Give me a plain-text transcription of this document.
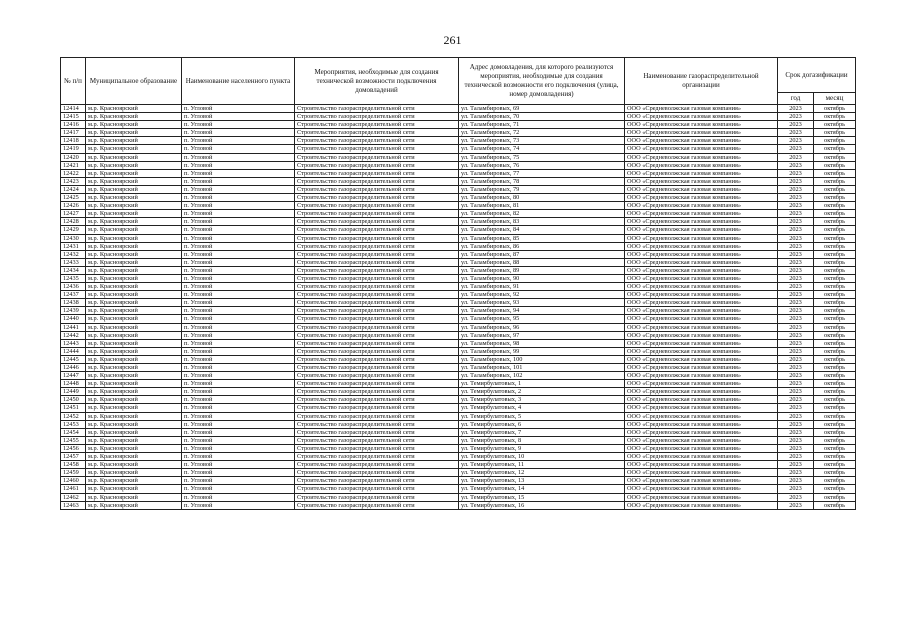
261
№ п/п	Муниципальное образование	Наименование населенного пункта	Мероприятия, необходимые для создания технической возможности подключения домовладений	Адрес домовладения, для которого реализуются мероприятия, необходимые для создания технической возможности его подключения (улица, номер домовладения)	Наименование газораспределительной организации	Срок догазификации	
						год	месяц
12414	м.р. Красноярский	п. Угловой	Строительство газораспределительной сети	ул. Таламбировых, 69	ООО «Средневолжская газовая компания»	2023	октябрь
12415	м.р. Красноярский	п. Угловой	Строительство газораспределительной сети	ул. Таламбировых, 70	ООО «Средневолжская газовая компания»	2023	октябрь
12416	м.р. Красноярский	п. Угловой	Строительство газораспределительной сети	ул. Таламбировых, 71	ООО «Средневолжская газовая компания»	2023	октябрь
12417	м.р. Красноярский	п. Угловой	Строительство газораспределительной сети	ул. Таламбировых, 72	ООО «Средневолжская газовая компания»	2023	октябрь
12418	м.р. Красноярский	п. Угловой	Строительство газораспределительной сети	ул. Таламбировых, 73	ООО «Средневолжская газовая компания»	2023	октябрь
12419	м.р. Красноярский	п. Угловой	Строительство газораспределительной сети	ул. Таламбировых, 74	ООО «Средневолжская газовая компания»	2023	октябрь
12420	м.р. Красноярский	п. Угловой	Строительство газораспределительной сети	ул. Таламбировых, 75	ООО «Средневолжская газовая компания»	2023	октябрь
12421	м.р. Красноярский	п. Угловой	Строительство газораспределительной сети	ул. Таламбировых, 76	ООО «Средневолжская газовая компания»	2023	октябрь
12422	м.р. Красноярский	п. Угловой	Строительство газораспределительной сети	ул. Таламбировых, 77	ООО «Средневолжская газовая компания»	2023	октябрь
12423	м.р. Красноярский	п. Угловой	Строительство газораспределительной сети	ул. Таламбировых, 78	ООО «Средневолжская газовая компания»	2023	октябрь
12424	м.р. Красноярский	п. Угловой	Строительство газораспределительной сети	ул. Таламбировых, 79	ООО «Средневолжская газовая компания»	2023	октябрь
12425	м.р. Красноярский	п. Угловой	Строительство газораспределительной сети	ул. Таламбировых, 80	ООО «Средневолжская газовая компания»	2023	октябрь
12426	м.р. Красноярский	п. Угловой	Строительство газораспределительной сети	ул. Таламбировых, 81	ООО «Средневолжская газовая компания»	2023	октябрь
12427	м.р. Красноярский	п. Угловой	Строительство газораспределительной сети	ул. Таламбировых, 82	ООО «Средневолжская газовая компания»	2023	октябрь
12428	м.р. Красноярский	п. Угловой	Строительство газораспределительной сети	ул. Таламбировых, 83	ООО «Средневолжская газовая компания»	2023	октябрь
12429	м.р. Красноярский	п. Угловой	Строительство газораспределительной сети	ул. Таламбировых, 84	ООО «Средневолжская газовая компания»	2023	октябрь
12430	м.р. Красноярский	п. Угловой	Строительство газораспределительной сети	ул. Таламбировых, 85	ООО «Средневолжская газовая компания»	2023	октябрь
12431	м.р. Красноярский	п. Угловой	Строительство газораспределительной сети	ул. Таламбировых, 86	ООО «Средневолжская газовая компания»	2023	октябрь
12432	м.р. Красноярский	п. Угловой	Строительство газораспределительной сети	ул. Таламбировых, 87	ООО «Средневолжская газовая компания»	2023	октябрь
12433	м.р. Красноярский	п. Угловой	Строительство газораспределительной сети	ул. Таламбировых, 88	ООО «Средневолжская газовая компания»	2023	октябрь
12434	м.р. Красноярский	п. Угловой	Строительство газораспределительной сети	ул. Таламбировых, 89	ООО «Средневолжская газовая компания»	2023	октябрь
12435	м.р. Красноярский	п. Угловой	Строительство газораспределительной сети	ул. Таламбировых, 90	ООО «Средневолжская газовая компания»	2023	октябрь
12436	м.р. Красноярский	п. Угловой	Строительство газораспределительной сети	ул. Таламбировых, 91	ООО «Средневолжская газовая компания»	2023	октябрь
12437	м.р. Красноярский	п. Угловой	Строительство газораспределительной сети	ул. Таламбировых, 92	ООО «Средневолжская газовая компания»	2023	октябрь
12438	м.р. Красноярский	п. Угловой	Строительство газораспределительной сети	ул. Таламбировых, 93	ООО «Средневолжская газовая компания»	2023	октябрь
12439	м.р. Красноярский	п. Угловой	Строительство газораспределительной сети	ул. Таламбировых, 94	ООО «Средневолжская газовая компания»	2023	октябрь
12440	м.р. Красноярский	п. Угловой	Строительство газораспределительной сети	ул. Таламбировых, 95	ООО «Средневолжская газовая компания»	2023	октябрь
12441	м.р. Красноярский	п. Угловой	Строительство газораспределительной сети	ул. Таламбировых, 96	ООО «Средневолжская газовая компания»	2023	октябрь
12442	м.р. Красноярский	п. Угловой	Строительство газораспределительной сети	ул. Таламбировых, 97	ООО «Средневолжская газовая компания»	2023	октябрь
12443	м.р. Красноярский	п. Угловой	Строительство газораспределительной сети	ул. Таламбировых, 98	ООО «Средневолжская газовая компания»	2023	октябрь
12444	м.р. Красноярский	п. Угловой	Строительство газораспределительной сети	ул. Таламбировых, 99	ООО «Средневолжская газовая компания»	2023	октябрь
12445	м.р. Красноярский	п. Угловой	Строительство газораспределительной сети	ул. Таламбировых, 100	ООО «Средневолжская газовая компания»	2023	октябрь
12446	м.р. Красноярский	п. Угловой	Строительство газораспределительной сети	ул. Таламбировых, 101	ООО «Средневолжская газовая компания»	2023	октябрь
12447	м.р. Красноярский	п. Угловой	Строительство газораспределительной сети	ул. Таламбировых, 102	ООО «Средневолжская газовая компания»	2023	октябрь
12448	м.р. Красноярский	п. Угловой	Строительство газораспределительной сети	ул. Темирбулатовых, 1	ООО «Средневолжская газовая компания»	2023	октябрь
12449	м.р. Красноярский	п. Угловой	Строительство газораспределительной сети	ул. Темирбулатовых, 2	ООО «Средневолжская газовая компания»	2023	октябрь
12450	м.р. Красноярский	п. Угловой	Строительство газораспределительной сети	ул. Темирбулатовых, 3	ООО «Средневолжская газовая компания»	2023	октябрь
12451	м.р. Красноярский	п. Угловой	Строительство газораспределительной сети	ул. Темирбулатовых, 4	ООО «Средневолжская газовая компания»	2023	октябрь
12452	м.р. Красноярский	п. Угловой	Строительство газораспределительной сети	ул. Темирбулатовых, 5	ООО «Средневолжская газовая компания»	2023	октябрь
12453	м.р. Красноярский	п. Угловой	Строительство газораспределительной сети	ул. Темирбулатовых, 6	ООО «Средневолжская газовая компания»	2023	октябрь
12454	м.р. Красноярский	п. Угловой	Строительство газораспределительной сети	ул. Темирбулатовых, 7	ООО «Средневолжская газовая компания»	2023	октябрь
12455	м.р. Красноярский	п. Угловой	Строительство газораспределительной сети	ул. Темирбулатовых, 8	ООО «Средневолжская газовая компания»	2023	октябрь
12456	м.р. Красноярский	п. Угловой	Строительство газораспределительной сети	ул. Темирбулатовых, 9	ООО «Средневолжская газовая компания»	2023	октябрь
12457	м.р. Красноярский	п. Угловой	Строительство газораспределительной сети	ул. Темирбулатовых, 10	ООО «Средневолжская газовая компания»	2023	октябрь
12458	м.р. Красноярский	п. Угловой	Строительство газораспределительной сети	ул. Темирбулатовых, 11	ООО «Средневолжская газовая компания»	2023	октябрь
12459	м.р. Красноярский	п. Угловой	Строительство газораспределительной сети	ул. Темирбулатовых, 12	ООО «Средневолжская газовая компания»	2023	октябрь
12460	м.р. Красноярский	п. Угловой	Строительство газораспределительной сети	ул. Темирбулатовых, 13	ООО «Средневолжская газовая компания»	2023	октябрь
12461	м.р. Красноярский	п. Угловой	Строительство газораспределительной сети	ул. Темирбулатовых, 14	ООО «Средневолжская газовая компания»	2023	октябрь
12462	м.р. Красноярский	п. Угловой	Строительство газораспределительной сети	ул. Темирбулатовых, 15	ООО «Средневолжская газовая компания»	2023	октябрь
12463	м.р. Красноярский	п. Угловой	Строительство газораспределительной сети	ул. Темирбулатовых, 16	ООО «Средневолжская газовая компания»	2023	октябрь
